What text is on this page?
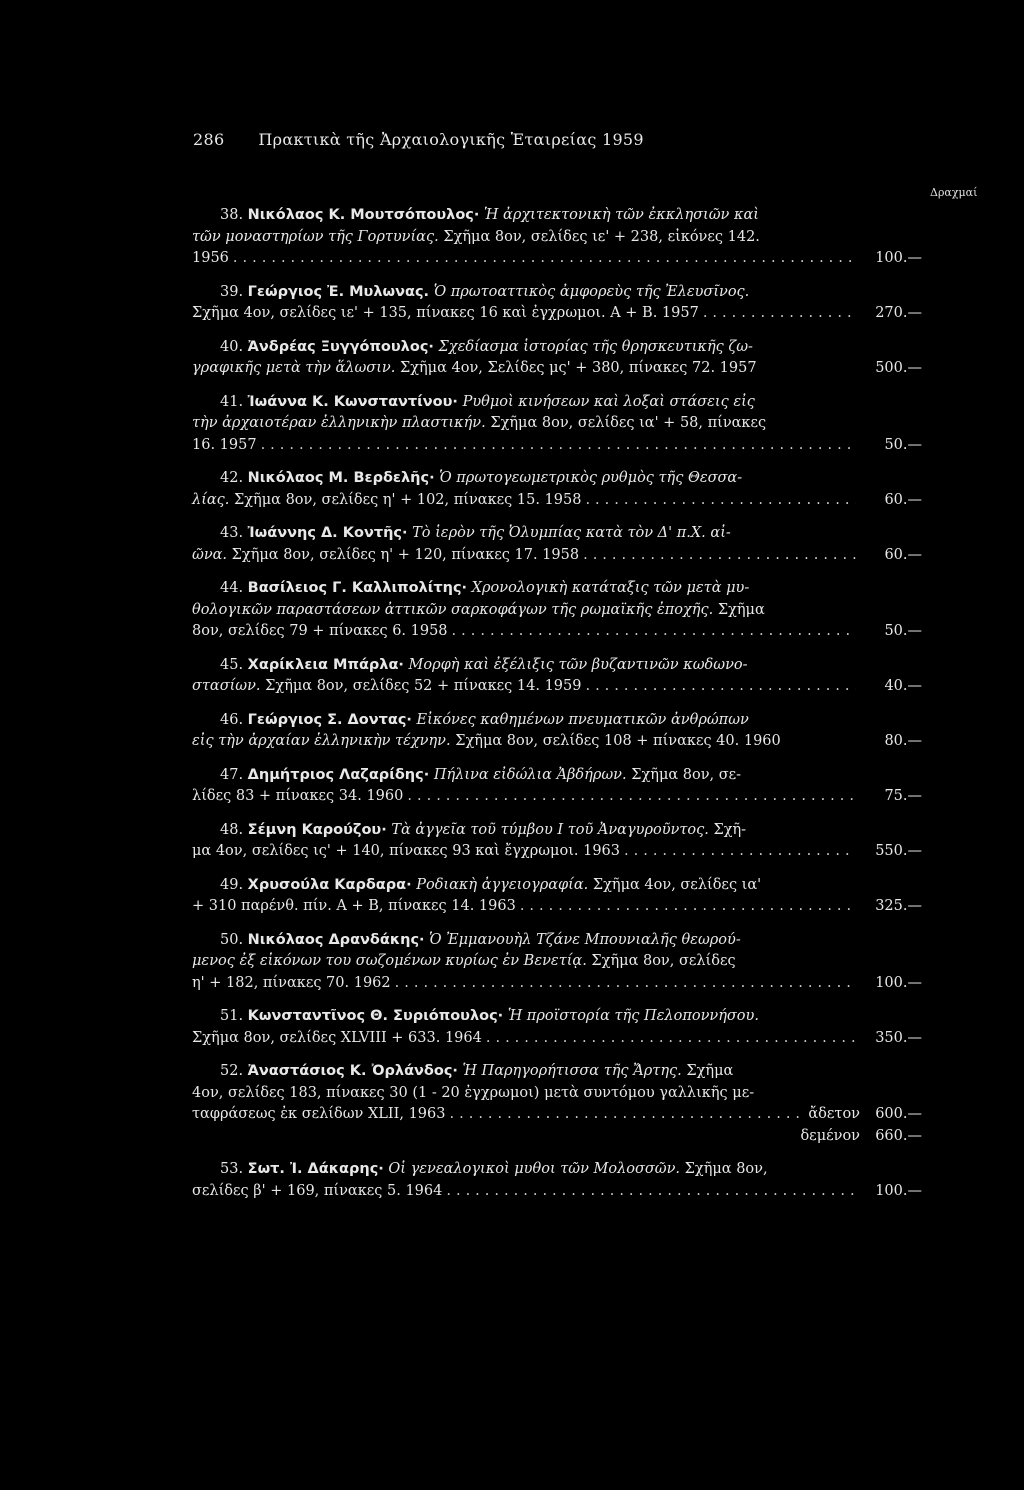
286 Πρακτικὰ τῆς Ἀρχαιολογικῆς Ἑταιρείας 1959
Δραχμαί
38. Νικόλαος Κ. Μουτσόπουλος· Ἡ ἀρχιτεκτονικὴ τῶν ἐκκλησιῶν καὶ
τῶν μοναστηρίων τῆς Γορτυνίας. Σχῆμα 8ον, σελίδες ιε' + 238, εἰκόνες 142.
1956 .....	100.—
39. Γεώργιος Ἐ. Μυλωνας. Ὁ πρωτοαττικὸς ἀμφορεὺς τῆς Ἐλευσῖνος.
Σχῆμα 4ον, σελίδες ιε' + 135, πίνακες 16 καὶ ἐγχρωμοι. Α + Β. 1957 .....	270.—
40. Ἀνδρέας Ξυγγόπουλος· Σχεδίασμα ἱστορίας τῆς θρησκευτικῆς ζω-
γραφικῆς μετὰ τὴν ἅλωσιν. Σχῆμα 4ον, Σελίδες μς' + 380, πίνακες 72. 1957	500.—
41. Ἰωάννα Κ. Κωνσταντίνου· Ρυθμοὶ κινήσεων καὶ λοξαὶ στάσεις εἰς
τὴν ἀρχαιοτέραν ἑλληνικὴν πλαστικήν. Σχῆμα 8ον, σελίδες ια' + 58, πίνακες
16. 1957 .....	50.—
42. Νικόλαος Μ. Βερδελῆς· Ὁ πρωτογεωμετρικὸς ρυθμὸς τῆς Θεσσα-
λίας. Σχῆμα 8ον, σελίδες η' + 102, πίνακες 15. 1958 .....	60.—
43. Ἰωάννης Δ. Κοντῆς· Τὸ ἱερὸν τῆς Ὀλυμπίας κατὰ τὸν Δ' π.Χ. αἰ-
ῶνα. Σχῆμα 8ον, σελίδες η' + 120, πίνακες 17. 1958 .....	60.—
44. Βασίλειος Γ. Καλλιπολίτης· Χρονολογικὴ κατάταξις τῶν μετὰ μυ-
θολογικῶν παραστάσεων ἀττικῶν σαρκοφάγων τῆς ρωμαϊκῆς ἐποχῆς. Σχῆμα
8ον, σελίδες 79 + πίνακες 6. 1958 .....	50.—
45. Χαρίκλεια Μπάρλα· Μορφὴ καὶ ἐξέλιξις τῶν βυζαντινῶν κωδωνο-
στασίων. Σχῆμα 8ον, σελίδες 52 + πίνακες 14. 1959 .....	40.—
46. Γεώργιος Σ. Δοντας· Εἰκόνες καθημένων πνευματικῶν ἀνθρώπων
εἰς τὴν ἀρχαίαν ἑλληνικὴν τέχνην. Σχῆμα 8ον, σελίδες 108 + πίνακες 40. 1960	80.—
47. Δημήτριος Λαζαρίδης· Πήλινα εἰδώλια Ἀβδήρων. Σχῆμα 8ον, σε-
λίδες 83 + πίνακες 34. 1960 .....	75.—
48. Σέμνη Καρούζου· Τὰ ἀγγεῖα τοῦ τύμβου Ι τοῦ Ἀναγυροῦντος. Σχῆ-
μα 4ον, σελίδες ις' + 140, πίνακες 93 καὶ ἔγχρωμοι. 1963 .....	550.—
49. Χρυσούλα Καρδαρα· Ροδιακὴ ἀγγειογραφία. Σχῆμα 4ον, σελίδες ια'
+ 310 παρένθ. πίν. Α + Β, πίνακες 14. 1963 .....	325.—
50. Νικόλαος Δρανδάκης· Ὁ Ἐμμανουὴλ Τζάνε Μπουνιαλῆς θεωρού-
μενος ἐξ εἰκόνων του σωζομένων κυρίως ἐν Βενετίᾳ. Σχῆμα 8ον, σελίδες
η' + 182, πίνακες 70. 1962 .....	100.—
51. Κωνσταντῖνος Θ. Συριόπουλος· Ἡ προϊστορία τῆς Πελοποννήσου.
Σχῆμα 8ον, σελίδες XLVIII + 633. 1964 .....	350.—
52. Ἀναστάσιος Κ. Ὀρλάνδος· Ἡ Παρηγορήτισσα τῆς Ἄρτης. Σχῆμα
4ον, σελίδες 183, πίνακες 30 (1 - 20 ἐγχρωμοι) μετὰ συντόμου γαλλικῆς με-
ταφράσεως ἐκ σελίδων XLII, 1963 .....	ἄδετον	600.—
δεμένον	660.—
53. Σωτ. Ἰ. Δάκαρης· Οἱ γενεαλογικοὶ μυθοι τῶν Μολοσσῶν. Σχῆμα 8ον,
σελίδες β' + 169, πίνακες 5. 1964 .....	100.—
